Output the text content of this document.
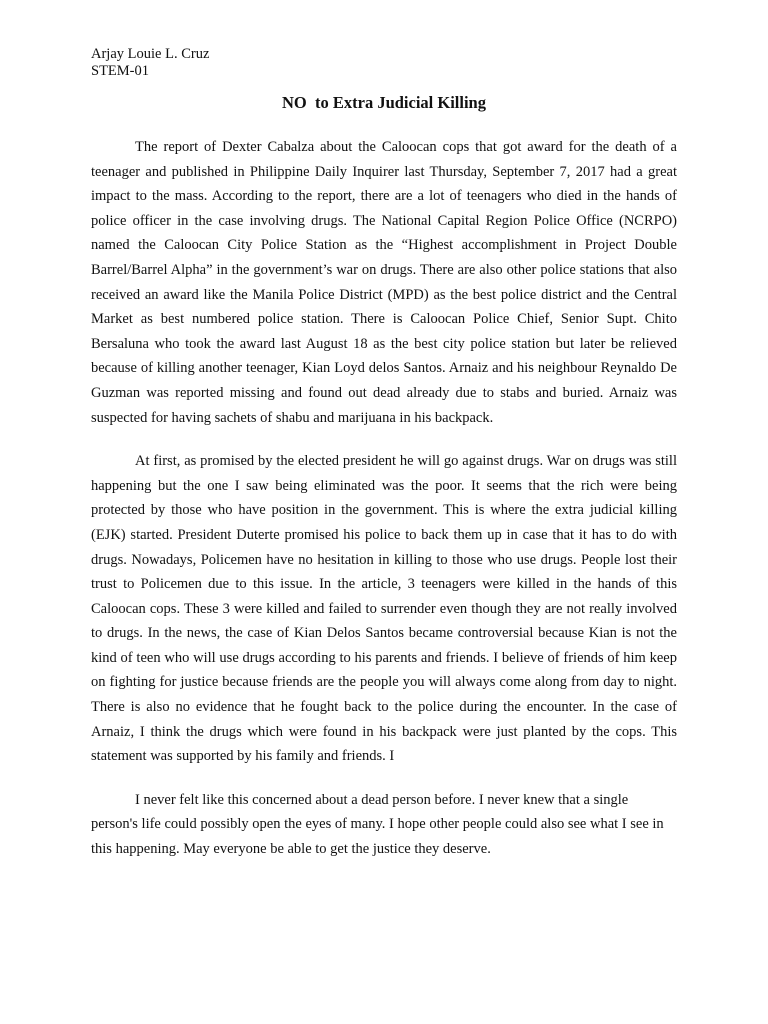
Arjay Louie L. Cruz
STEM-01
NO  to Extra Judicial Killing

The report of Dexter Cabalza about the Caloocan cops that got award for the death of a teenager and published in Philippine Daily Inquirer last Thursday, September 7, 2017 had a great impact to the mass. According to the report, there are a lot of teenagers who died in the hands of police officer in the case involving drugs. The National Capital Region Police Office (NCRPO) named the Caloocan City Police Station as the “Highest accomplishment in Project Double Barrel/Barrel Alpha” in the government’s war on drugs. There are also other police stations that also received an award like the Manila Police District (MPD) as the best police district and the Central Market as best numbered police station. There is Caloocan Police Chief, Senior Supt. Chito Bersaluna who took the award last August 18 as the best city police station but later be relieved because of killing another teenager, Kian Loyd delos Santos. Arnaiz and his neighbour Reynaldo De Guzman was reported missing and found out dead already due to stabs and buried. Arnaiz was suspected for having sachets of shabu and marijuana in his backpack.

At first, as promised by the elected president he will go against drugs. War on drugs was still happening but the one I saw being eliminated was the poor. It seems that the rich were being protected by those who have position in the government. This is where the extra judicial killing (EJK) started. President Duterte promised his police to back them up in case that it has to do with drugs. Nowadays, Policemen have no hesitation in killing to those who use drugs. People lost their trust to Policemen due to this issue. In the article, 3 teenagers were killed in the hands of this Caloocan cops. These 3 were killed and failed to surrender even though they are not really involved to drugs. In the news, the case of Kian Delos Santos became controversial because Kian is not the kind of teen who will use drugs according to his parents and friends. I believe of friends of him keep on fighting for justice because friends are the people you will always come along from day to night. There is also no evidence that he fought back to the police during the encounter. In the case of Arnaiz, I think the drugs which were found in his backpack were just planted by the cops. This statement was supported by his family and friends. I

I never felt like this concerned about a dead person before. I never knew that a single person's life could possibly open the eyes of many. I hope other people could also see what I see in this happening. May everyone be able to get the justice they deserve.
